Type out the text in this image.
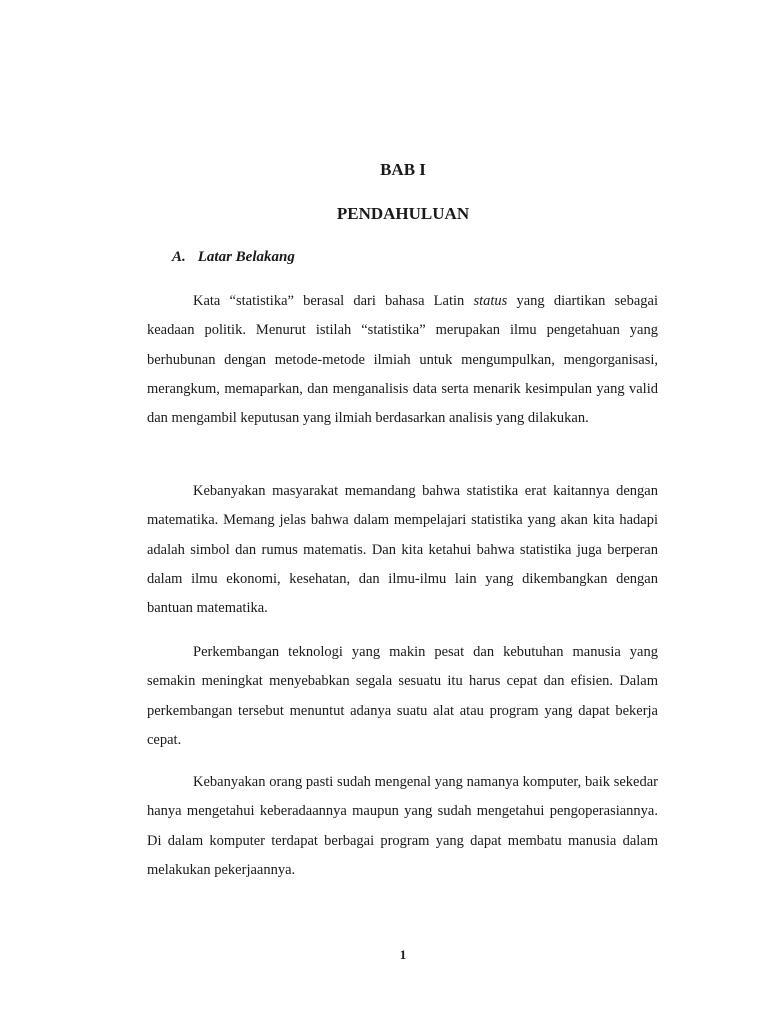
BAB I
PENDAHULUAN
A. Latar Belakang

Kata “statistika” berasal dari bahasa Latin status yang diartikan sebagai keadaan politik. Menurut istilah “statistika” merupakan ilmu pengetahuan yang berhubunan dengan metode-metode ilmiah untuk mengumpulkan, mengorganisasi, merangkum, memaparkan, dan menganalisis data serta menarik kesimpulan yang valid dan mengambil keputusan yang ilmiah berdasarkan analisis yang dilakukan.

Kebanyakan masyarakat memandang bahwa statistika erat kaitannya dengan matematika. Memang jelas bahwa dalam mempelajari statistika yang akan kita hadapi adalah simbol dan rumus matematis. Dan kita ketahui bahwa statistika juga berperan dalam ilmu ekonomi, kesehatan, dan ilmu-ilmu lain yang dikembangkan dengan bantuan matematika.

Perkembangan teknologi yang makin pesat dan kebutuhan manusia yang semakin meningkat menyebabkan segala sesuatu itu harus cepat dan efisien. Dalam perkembangan tersebut menuntut adanya suatu alat atau program yang dapat bekerja cepat.

Kebanyakan orang pasti sudah mengenal yang namanya komputer, baik sekedar hanya mengetahui keberadaannya maupun yang sudah mengetahui pengoperasiannya. Di dalam komputer terdapat berbagai program yang dapat membatu manusia dalam melakukan pekerjaannya.

1
